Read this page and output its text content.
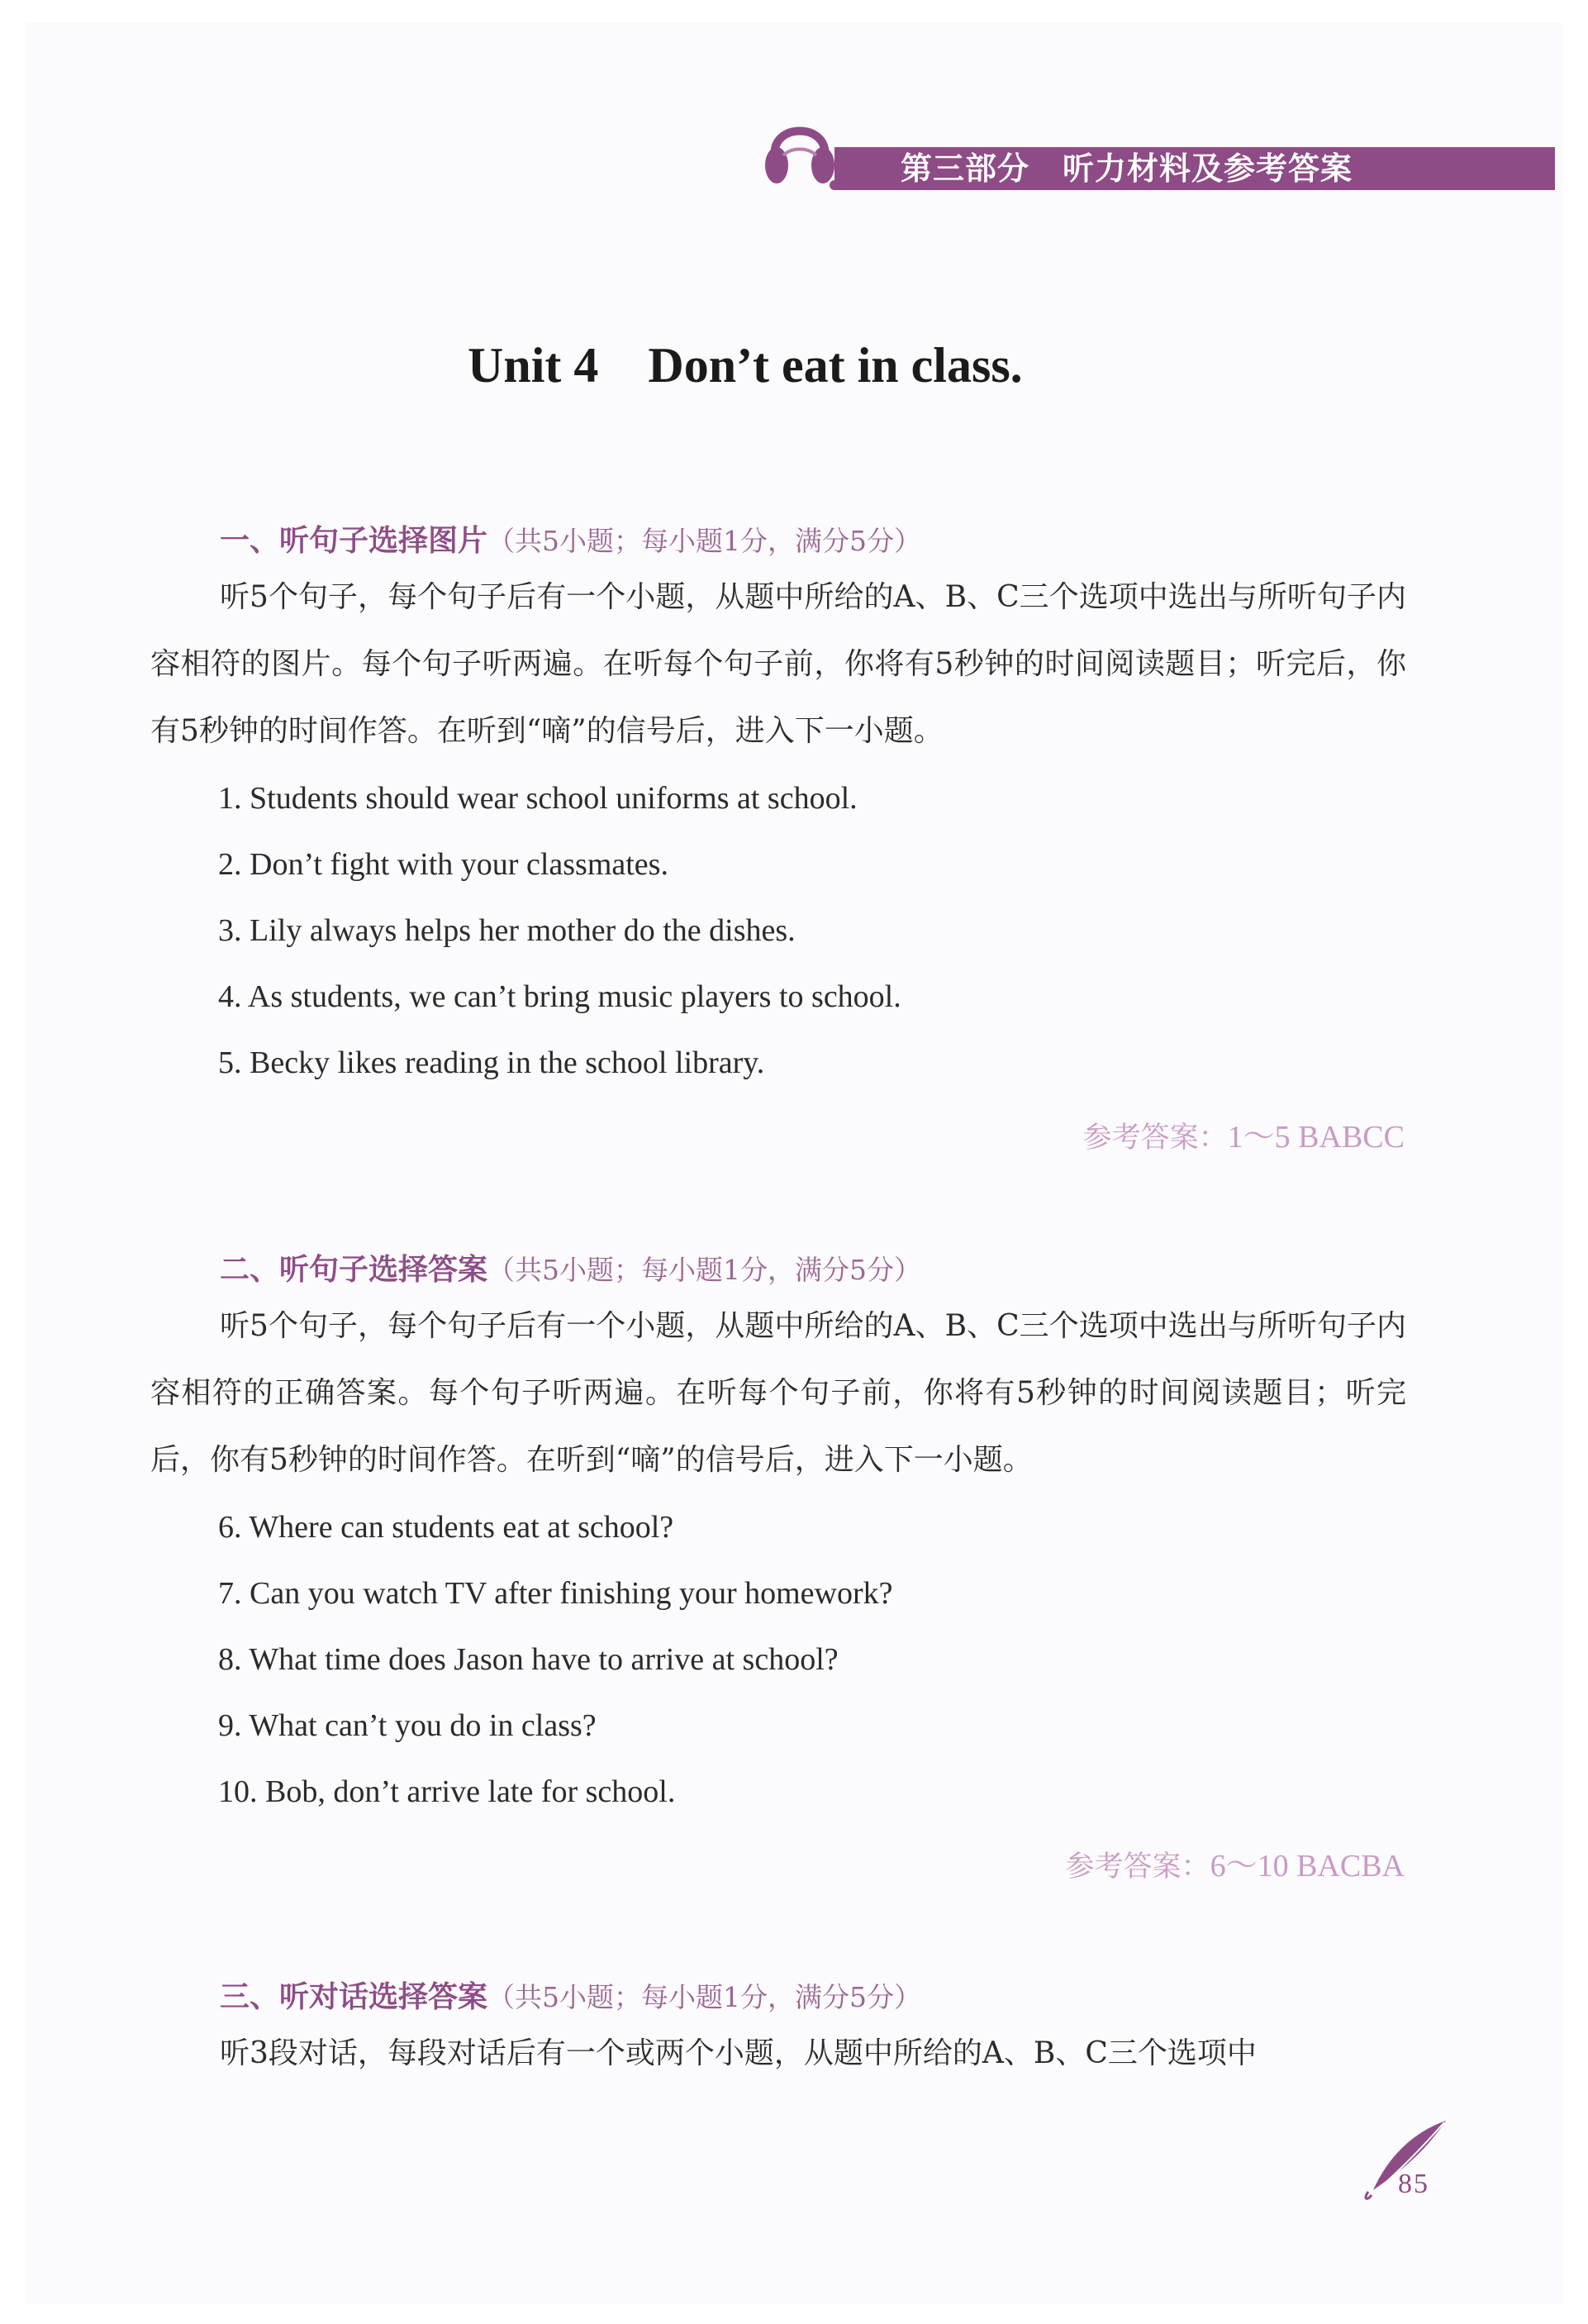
第三部分 听力材料及参考答案
Unit 4 Don’t eat in class.
一、听句子选择图片（共5小题；每小题1分，满分5分）
听5个句子，每个句子后有一个小题，从题中所给的A、B、C三个选项中选出与所听句子内容相符的图片。每个句子听两遍。在听每个句子前，你将有5秒钟的时间阅读题目；听完后，你有5秒钟的时间作答。在听到“嘀”的信号后，进入下一小题。
1. Students should wear school uniforms at school.
2. Don’t fight with your classmates.
3. Lily always helps her mother do the dishes.
4. As students, we can’t bring music players to school.
5. Becky likes reading in the school library.
参考答案：1～5 BABCC
二、听句子选择答案（共5小题；每小题1分，满分5分）
听5个句子，每个句子后有一个小题，从题中所给的A、B、C三个选项中选出与所听句子内容相符的正确答案。每个句子听两遍。在听每个句子前，你将有5秒钟的时间阅读题目；听完后，你有5秒钟的时间作答。在听到“嘀”的信号后，进入下一小题。
6. Where can students eat at school?
7. Can you watch TV after finishing your homework?
8. What time does Jason have to arrive at school?
9. What can’t you do in class?
10. Bob, don’t arrive late for school.
参考答案：6～10 BACBA
三、听对话选择答案（共5小题；每小题1分，满分5分）
听3段对话，每段对话后有一个或两个小题，从题中所给的A、B、C三个选项中
85
